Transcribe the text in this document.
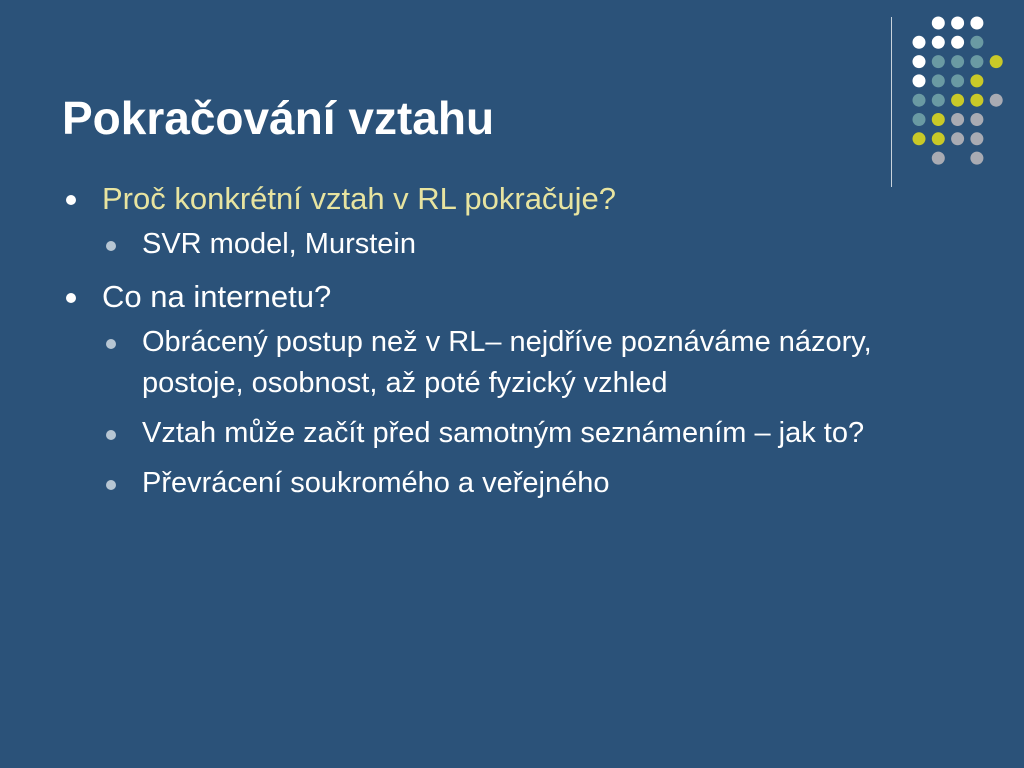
Pokračování vztahu
Proč konkrétní vztah v RL pokračuje?
SVR model, Murstein
Co na internetu?
Obrácený postup než v RL– nejdříve poznáváme názory, postoje, osobnost, až poté fyzický vzhled
Vztah může začít před samotným seznámením – jak to?
Převrácení soukromého a veřejného
